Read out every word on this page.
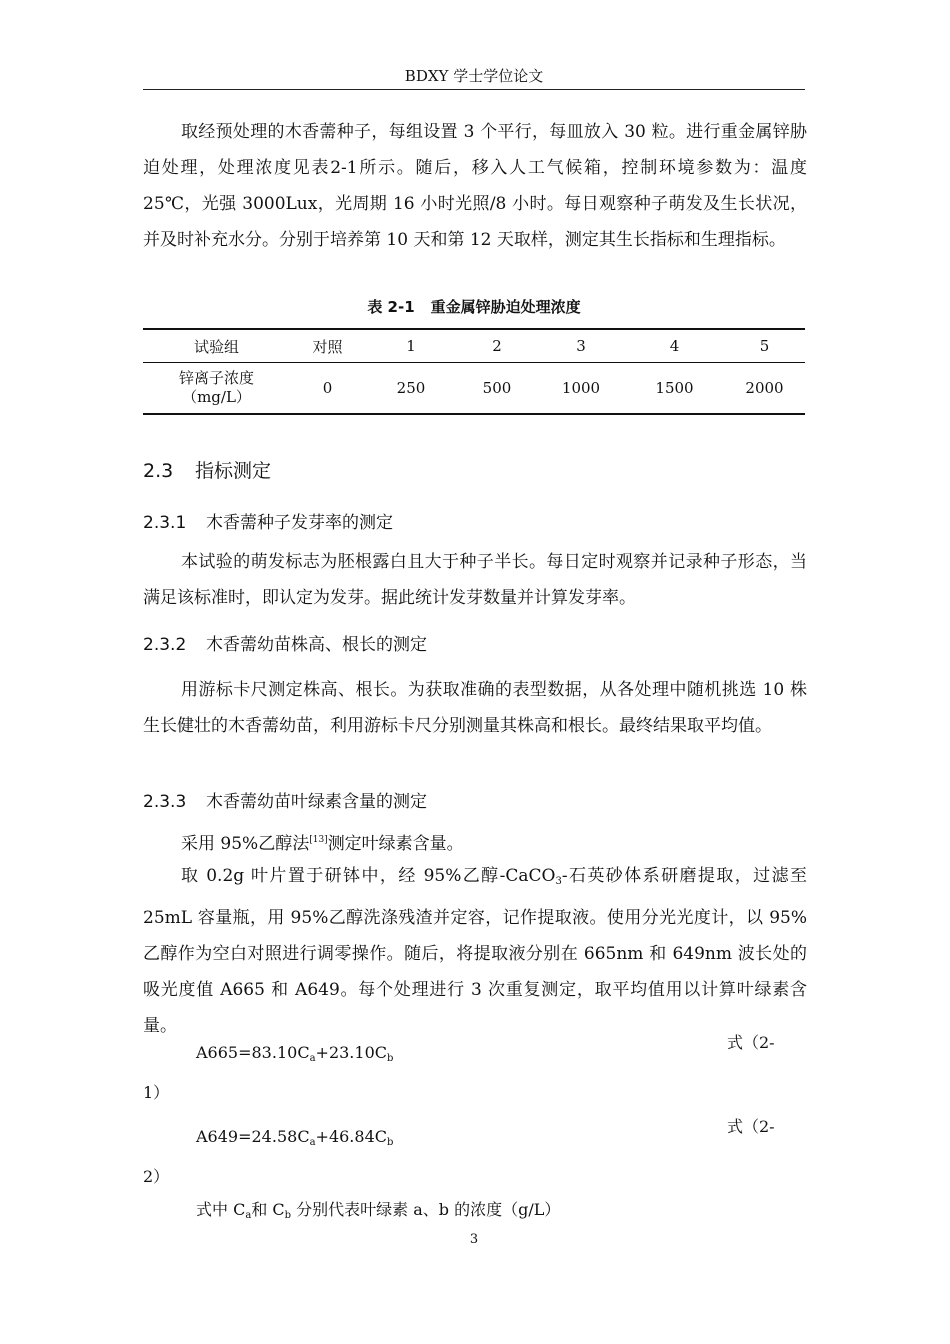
BDXY 学士学位论文

取经预处理的木香薷种子，每组设置 3 个平行，每皿放入 30 粒。进行重金属锌胁迫处理，处理浓度见表2-1所示。随后，移入人工气候箱，控制环境参数为：温度 25℃，光强 3000Lux，光周期 16 小时光照/8 小时。每日观察种子萌发及生长状况，并及时补充水分。分别于培养第 10 天和第 12 天取样，测定其生长指标和生理指标。

表 2-1 重金属锌胁迫处理浓度
试验组	对照	1	2	3	4	5
锌离子浓度
（mg/L）	0	250	500	1000	1500	2000
2.3 指标测定
2.3.1 木香薷种子发芽率的测定

本试验的萌发标志为胚根露白且大于种子半长。每日定时观察并记录种子形态，当满足该标准时，即认定为发芽。据此统计发芽数量并计算发芽率。

2.3.2 木香薷幼苗株高、根长的测定

用游标卡尺测定株高、根长。为获取准确的表型数据，从各处理中随机挑选 10 株生长健壮的木香薷幼苗，利用游标卡尺分别测量其株高和根长。最终结果取平均值。

2.3.3 木香薷幼苗叶绿素含量的测定

采用 95%乙醇法[13]测定叶绿素含量。

取 0.2g 叶片置于研钵中，经 95%乙醇-CaCO$_3$-石英砂体系研磨提取，过滤至 25mL 容量瓶，用 95%乙醇洗涤残渣并定容，记作提取液。使用分光光度计，以 95%乙醇作为空白对照进行调零操作。随后，将提取液分别在 665nm 和 649nm 波长处的吸光度值 A665 和 A649。每个处理进行 3 次重复测定，取平均值用以计算叶绿素含量。

$A665=83.10C_a+23.10C_b$
式（2-
1）
$A649=24.58C_a+46.84C_b$
式（2-
2）
式中 $C_a$和 $C_b$ 分别代表叶绿素 a、b 的浓度（g/L）
3
